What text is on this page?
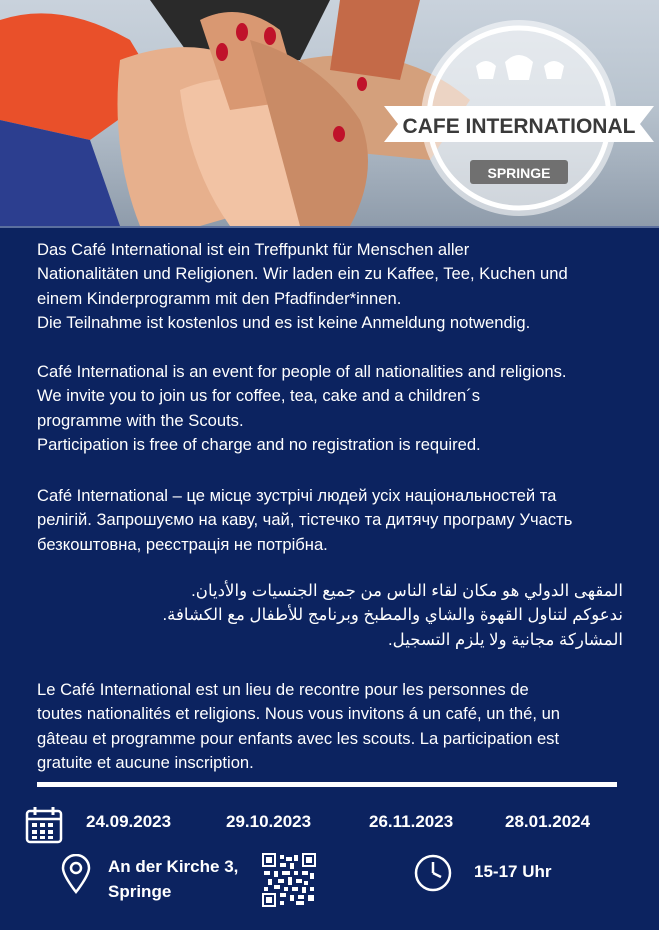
CAFE INTERNATIONAL
SPRINGE

Das Café International ist ein Treffpunkt für Menschen aller

Nationalitäten und Religionen. Wir laden ein zu Kaffee, Tee, Kuchen und

einem Kinderprogramm mit den Pfadfinder*innen.

Die Teilnahme ist kostenlos und es ist keine Anmeldung notwendig.

Café International is an event for people of all nationalities and religions.

We invite you to join us for coffee, tea, cake and a children´s

programme with the Scouts.

Participation is free of charge and no registration is required.

Café International – це місце зустрічі людей усіх національностей та

релігій. Запрошуємо на каву, чай, тістечко та дитячу програму Участь

безкоштовна, реєстрація не потрібна.

المقهى الدولي هو مكان لقاء الناس من جميع الجنسيات والأديان.

ندعوكم لتناول القهوة والشاي والمطبخ وبرنامج للأطفال مع الكشافة.

المشاركة مجانية ولا يلزم التسجيل.

Le Café International est un lieu de recontre pour les personnes de

toutes nationalités et religions. Nous vous invitons á un café, un thé, un

gâteau et programme pour enfants avec les scouts. La participation est

gratuite et aucune inscription.

24.09.2023	29.10.2023	26.11.2023	28.01.2024
An der Kirche 3,
Springe
15-17 Uhr
